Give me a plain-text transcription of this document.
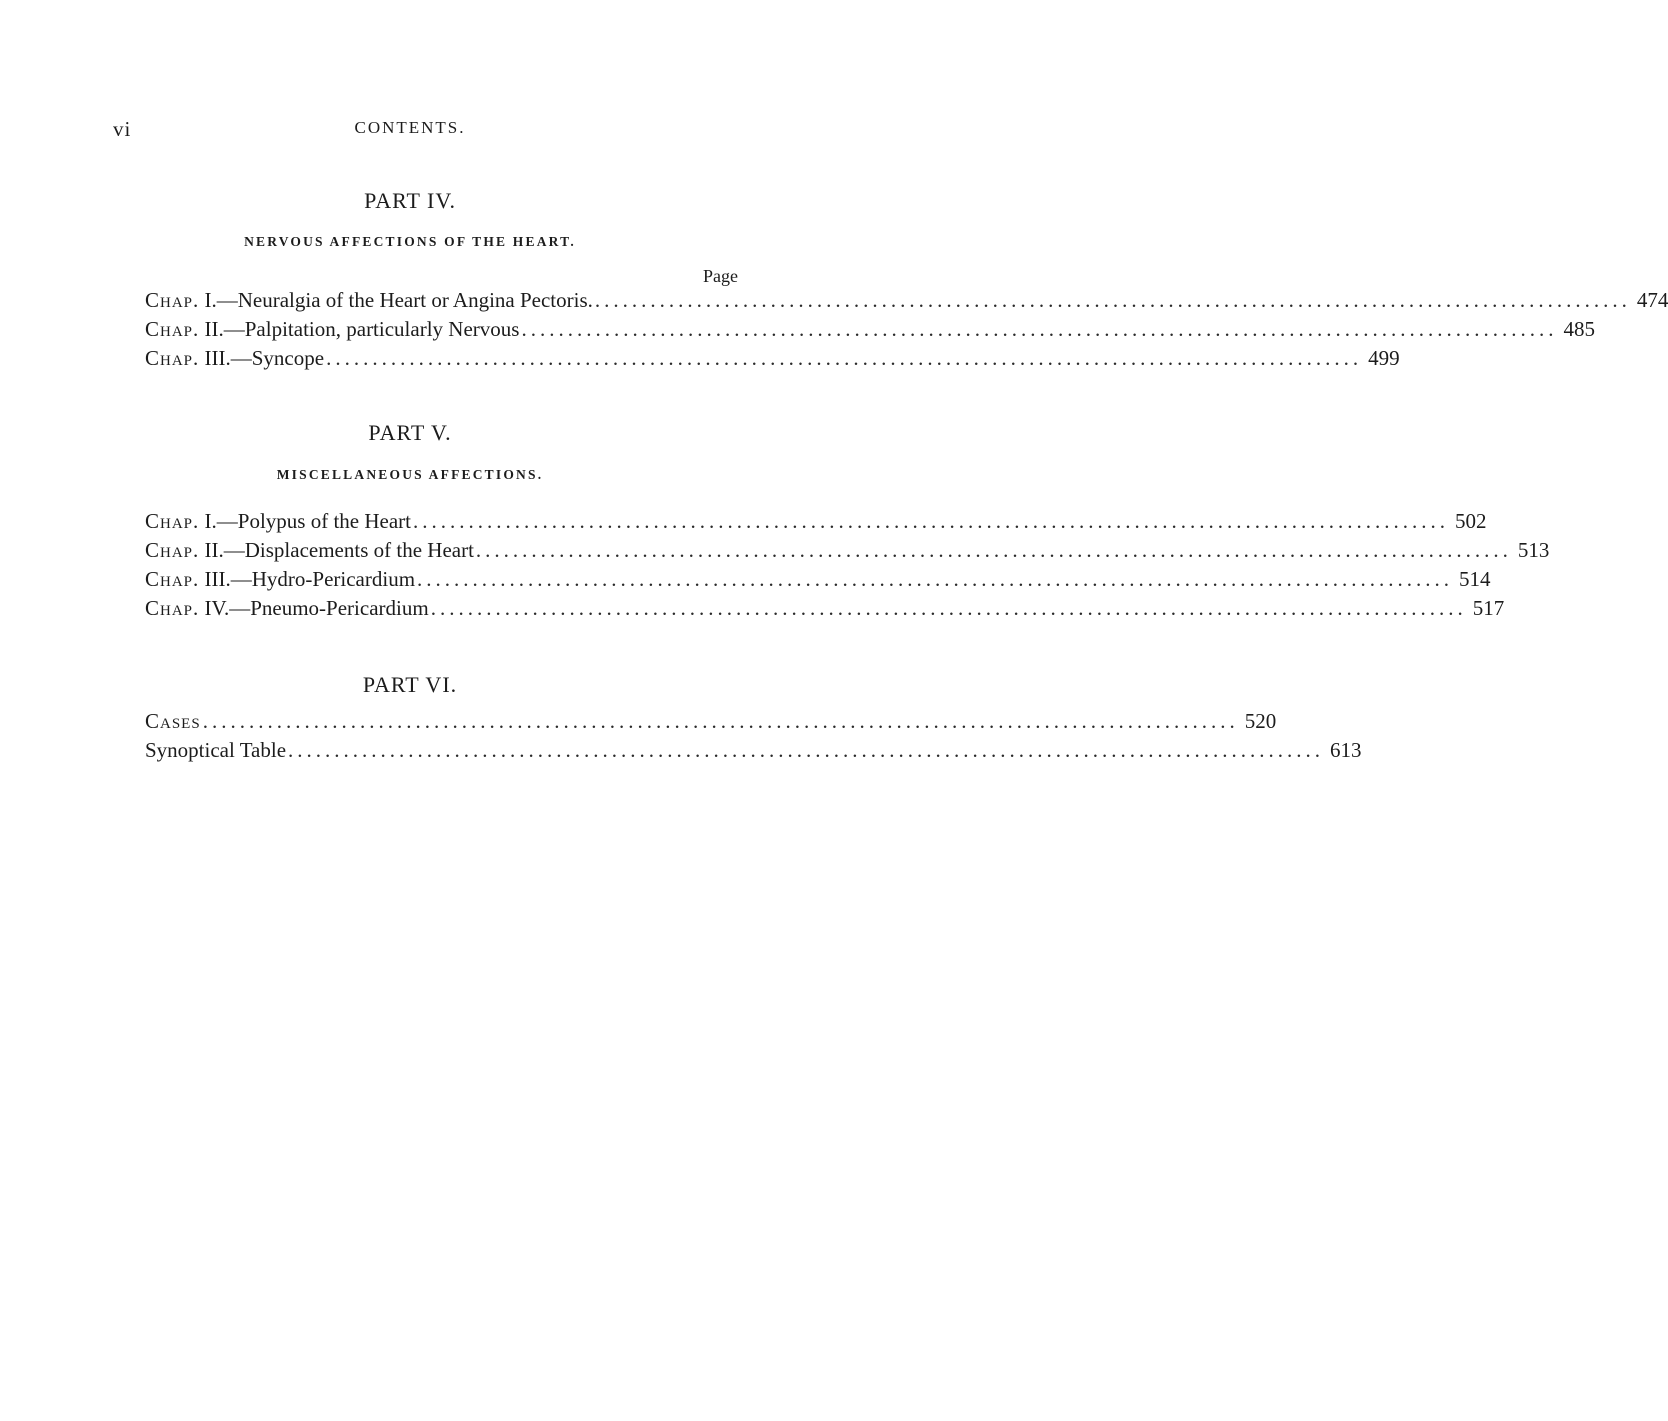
vi	CONTENTS.
PART IV.
NERVOUS AFFECTIONS OF THE HEART.
Page
Chap. I.—Neuralgia of the Heart or Angina Pectoris. ................................................................................................................ 474
Chap. II.—Palpitation, particularly Nervous ................................................................................................................ 485
Chap. III.—Syncope ................................................................................................................ 499
PART V.
MISCELLANEOUS AFFECTIONS.
Chap. I.—Polypus of the Heart ................................................................................................................ 502
Chap. II.—Displacements of the Heart ................................................................................................................ 513
Chap. III.—Hydro-Pericardium ................................................................................................................ 514
Chap. IV.—Pneumo-Pericardium ................................................................................................................ 517
PART VI.
Cases ................................................................................................................ 520
Synoptical Table ................................................................................................................ 613
